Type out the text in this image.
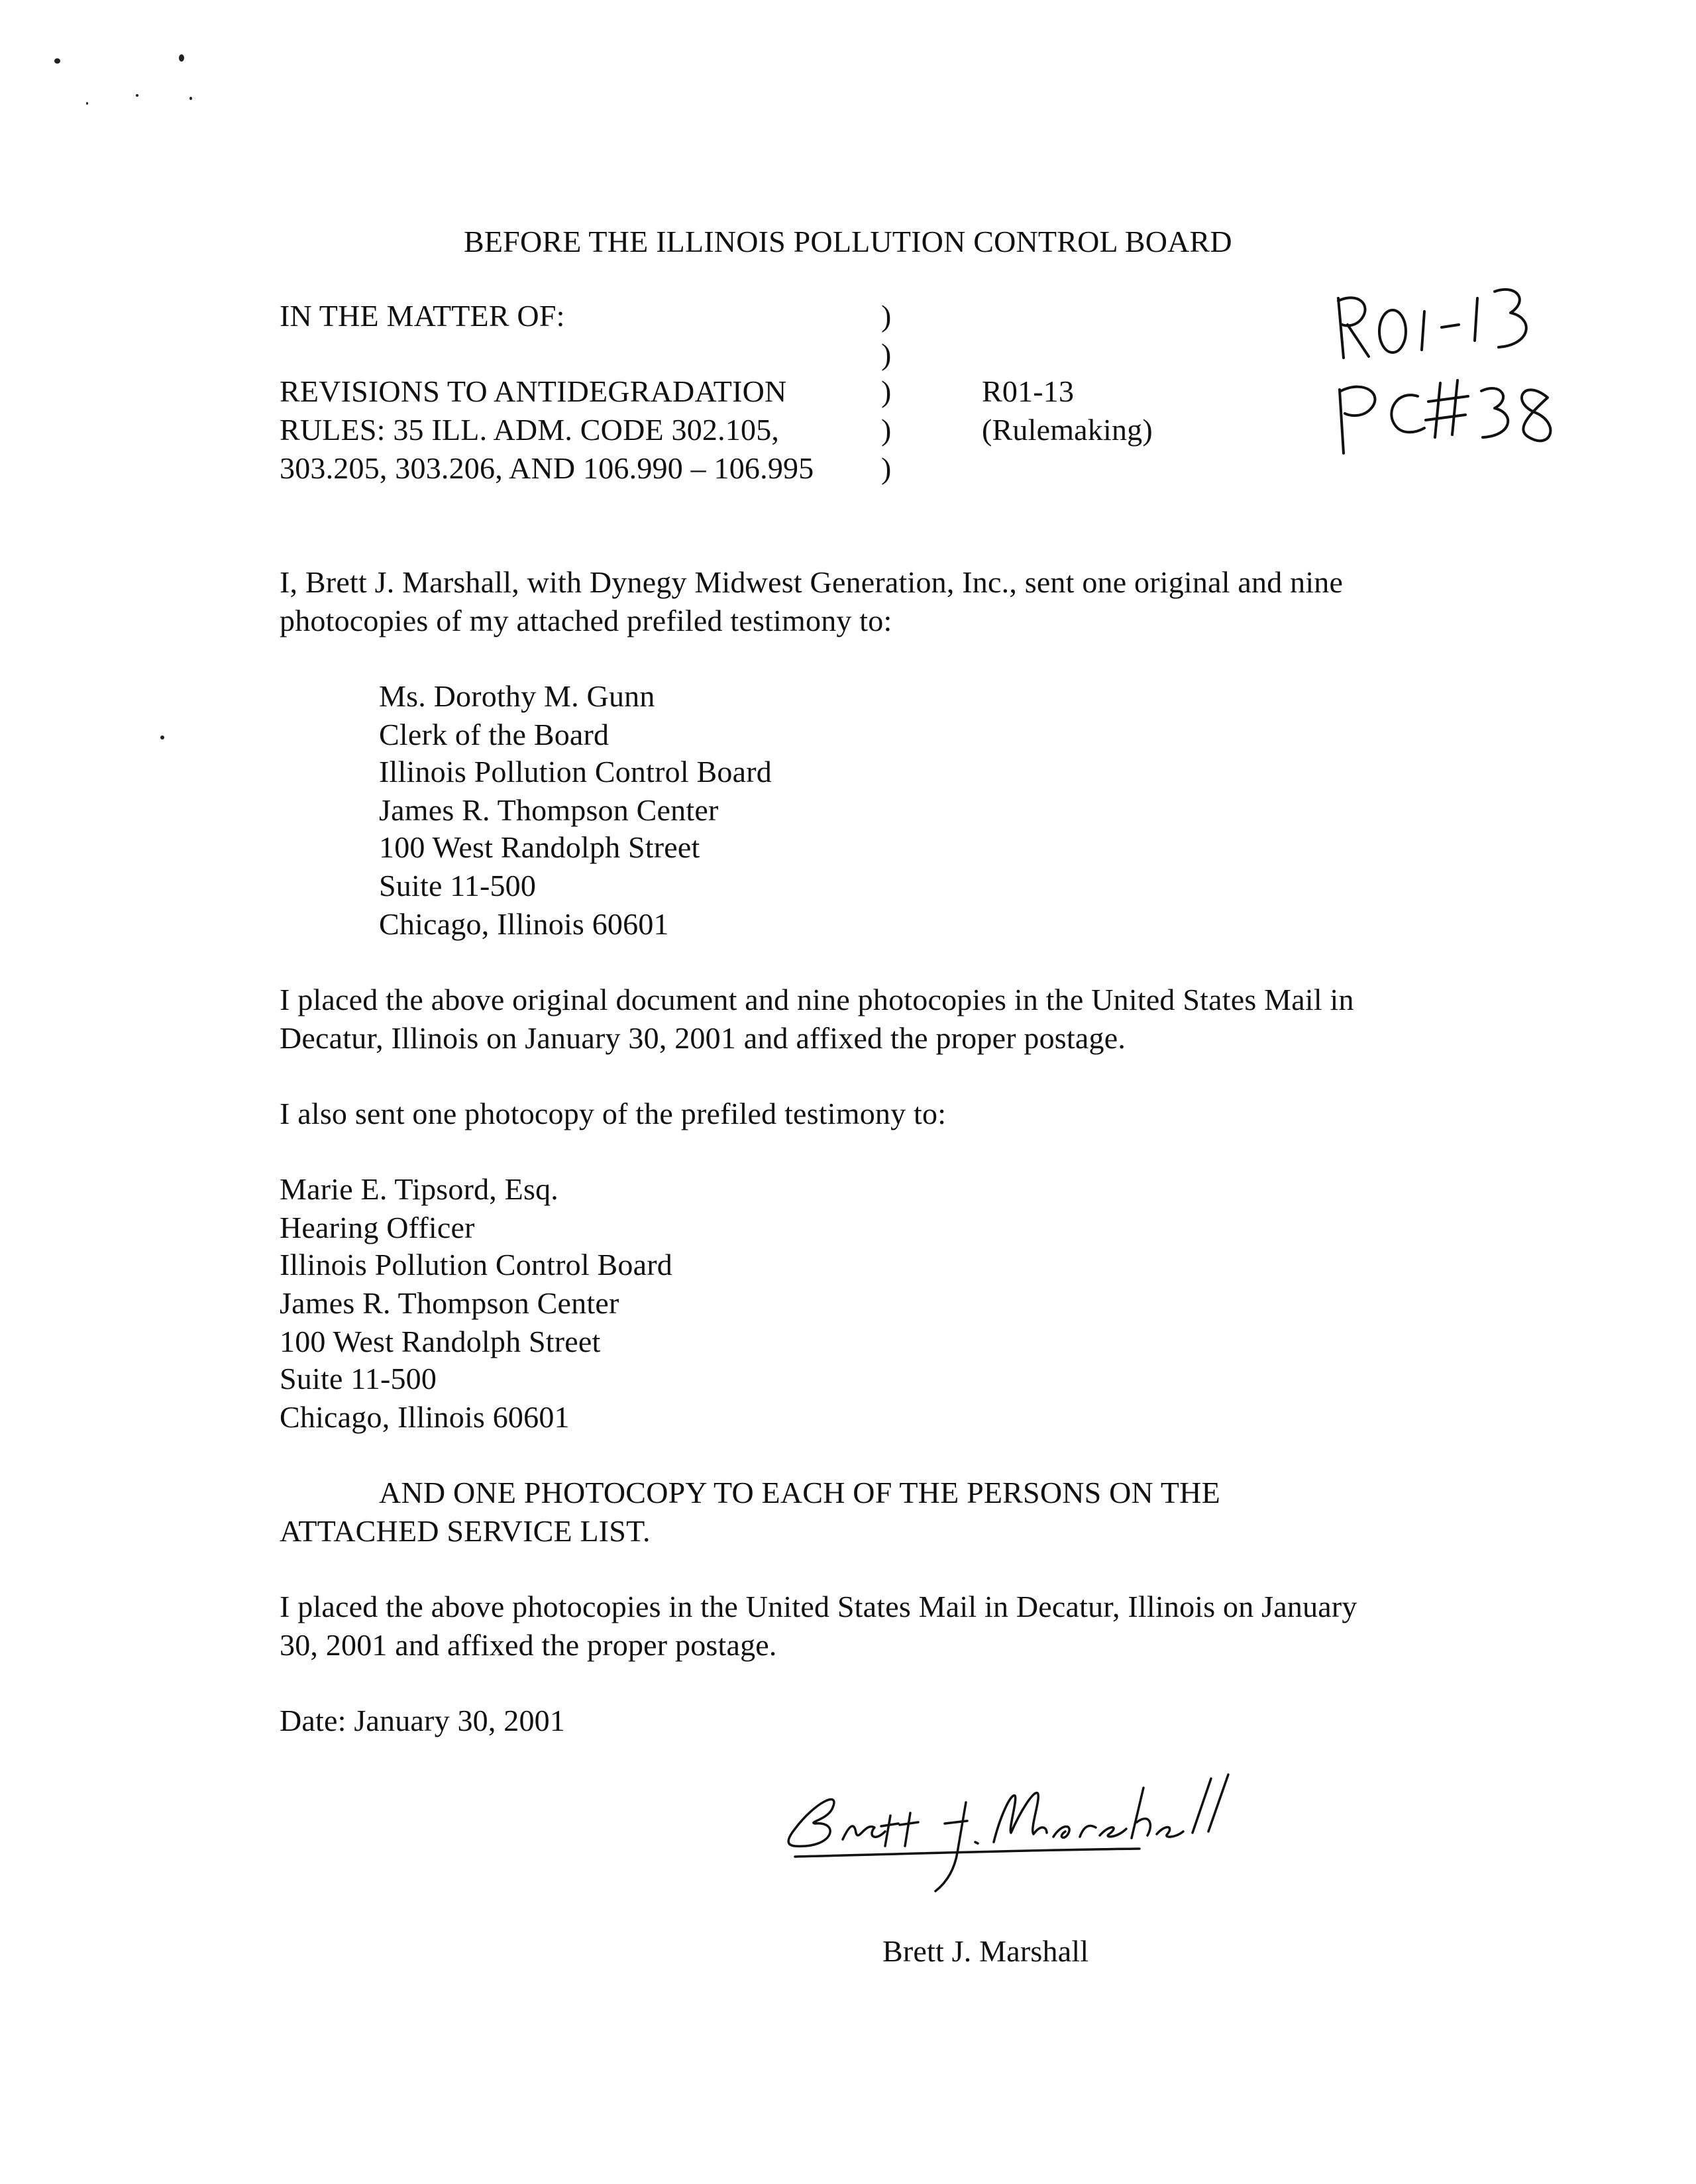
BEFORE THE ILLINOIS POLLUTION CONTROL BOARD
IN THE MATTER OF:
REVISIONS TO ANTIDEGRADATION
RULES: 35 ILL. ADM. CODE 302.105,
303.205, 303.206, AND 106.990 – 106.995
)
)
)
)
)
R01-13
(Rulemaking)
I, Brett J. Marshall, with Dynegy Midwest Generation, Inc., sent one original and nine
photocopies of my attached prefiled testimony to:
Ms. Dorothy M. Gunn
Clerk of the Board
Illinois Pollution Control Board
James R. Thompson Center
100 West Randolph Street
Suite 11-500
Chicago, Illinois 60601
I placed the above original document and nine photocopies in the United States Mail in
Decatur, Illinois on January 30, 2001 and affixed the proper postage.
I also sent one photocopy of the prefiled testimony to:
Marie E. Tipsord, Esq.
Hearing Officer
Illinois Pollution Control Board
James R. Thompson Center
100 West Randolph Street
Suite 11-500
Chicago, Illinois 60601
AND ONE PHOTOCOPY TO EACH OF THE PERSONS ON THE
ATTACHED SERVICE LIST.
I placed the above photocopies in the United States Mail in Decatur, Illinois on January
30, 2001 and affixed the proper postage.
Date: January 30, 2001
Brett J. Marshall
